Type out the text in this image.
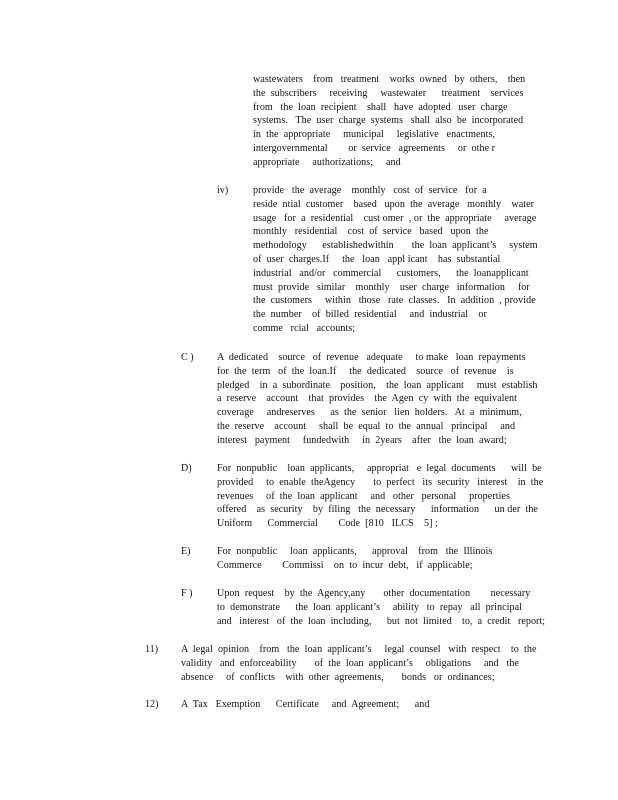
wastewaters    from   treatment    works  owned   by  others,    then
the  subscribers     receiving     wastewater      treatment    services
from   the  loan  recipient    shall   have  adopted   user  charge
systems.   The  user  charge  systems   shall  also  be  incorporated
in  the  appropriate     municipal     legislative   enactments,
intergovernmental        or  service   agreements     or  othe r
appropriate     authorizations;     and
iv) provide   the  average    monthly   cost  of  service   for  a
reside  ntial  customer    based   upon  the  average   monthly    water
usage   for  a  residential    cust omer  , or  the  appropriate     average
monthly   residential    cost  of  service   based   upon  the
methodology      establishedwithin       the  loan  applicant’s     system
of  user  charges.If     the   loan   appl icant    has  substantial
industrial   and/or   commercial      customers,      the  loanapplicant
must  provide   similar    monthly    user  charge   information     for
the  customers     within   those   rate  classes.   In  addition  , provide
the  number    of  billed  residential     and  industrial    or
comme   rcial   accounts;
C ) A  dedicated    source   of  revenue   adequate     to make   loan  repayments
for  the  term   of  the  loan.If     the  dedicated    source   of  revenue    is
pledged    in  a  subordinate    position,    the  loan  applicant     must  establish
a  reserve    account    that  provides    the  Agen  cy  with  the  equivalent
coverage     andreserves      as  the  senior   lien  holders.   At  a  minimum,
the  reserve    account     shall  be  equal  to  the  annual   principal     and
interest   payment     fundedwith     in  2years    after   the  loan  award;
D)	For  nonpublic    loan  applicants,     appropriat   e  legal  documents      will  be
provided     to  enable  theAgency       to  perfect   its  security   interest    in  the
revenues     of  the  loan  applicant     and   other   personal     properties
offered    as  security    by  filing   the  necessary      information      un der  the
Uniform      Commercial        Code  [810   ILCS    5] ;
E)	For  nonpublic     loan  applicants,      approval    from   the  Illinois
Commerce        Commissi    on  to  incur  debt,   if  applicable;
F ) Upon  request    by  the  Agency,any       other  documentation        necessary
to  demonstrate      the  loan  applicant’s     ability   to  repay   all  principal
and   interest   of  the  loan  including,      but  not  limited    to,  a  credit   report;
11) A  legal  opinion    from   the  loan  applicant’s     legal  counsel   with  respect    to  the
validity   and  enforceability       of  the  loan  applicant’s     obligations     and   the
absence     of  conflicts    with  other  agreements,       bonds   or  ordinances;
12) A  Tax   Exemption      Certificate     and  Agreement;      and
